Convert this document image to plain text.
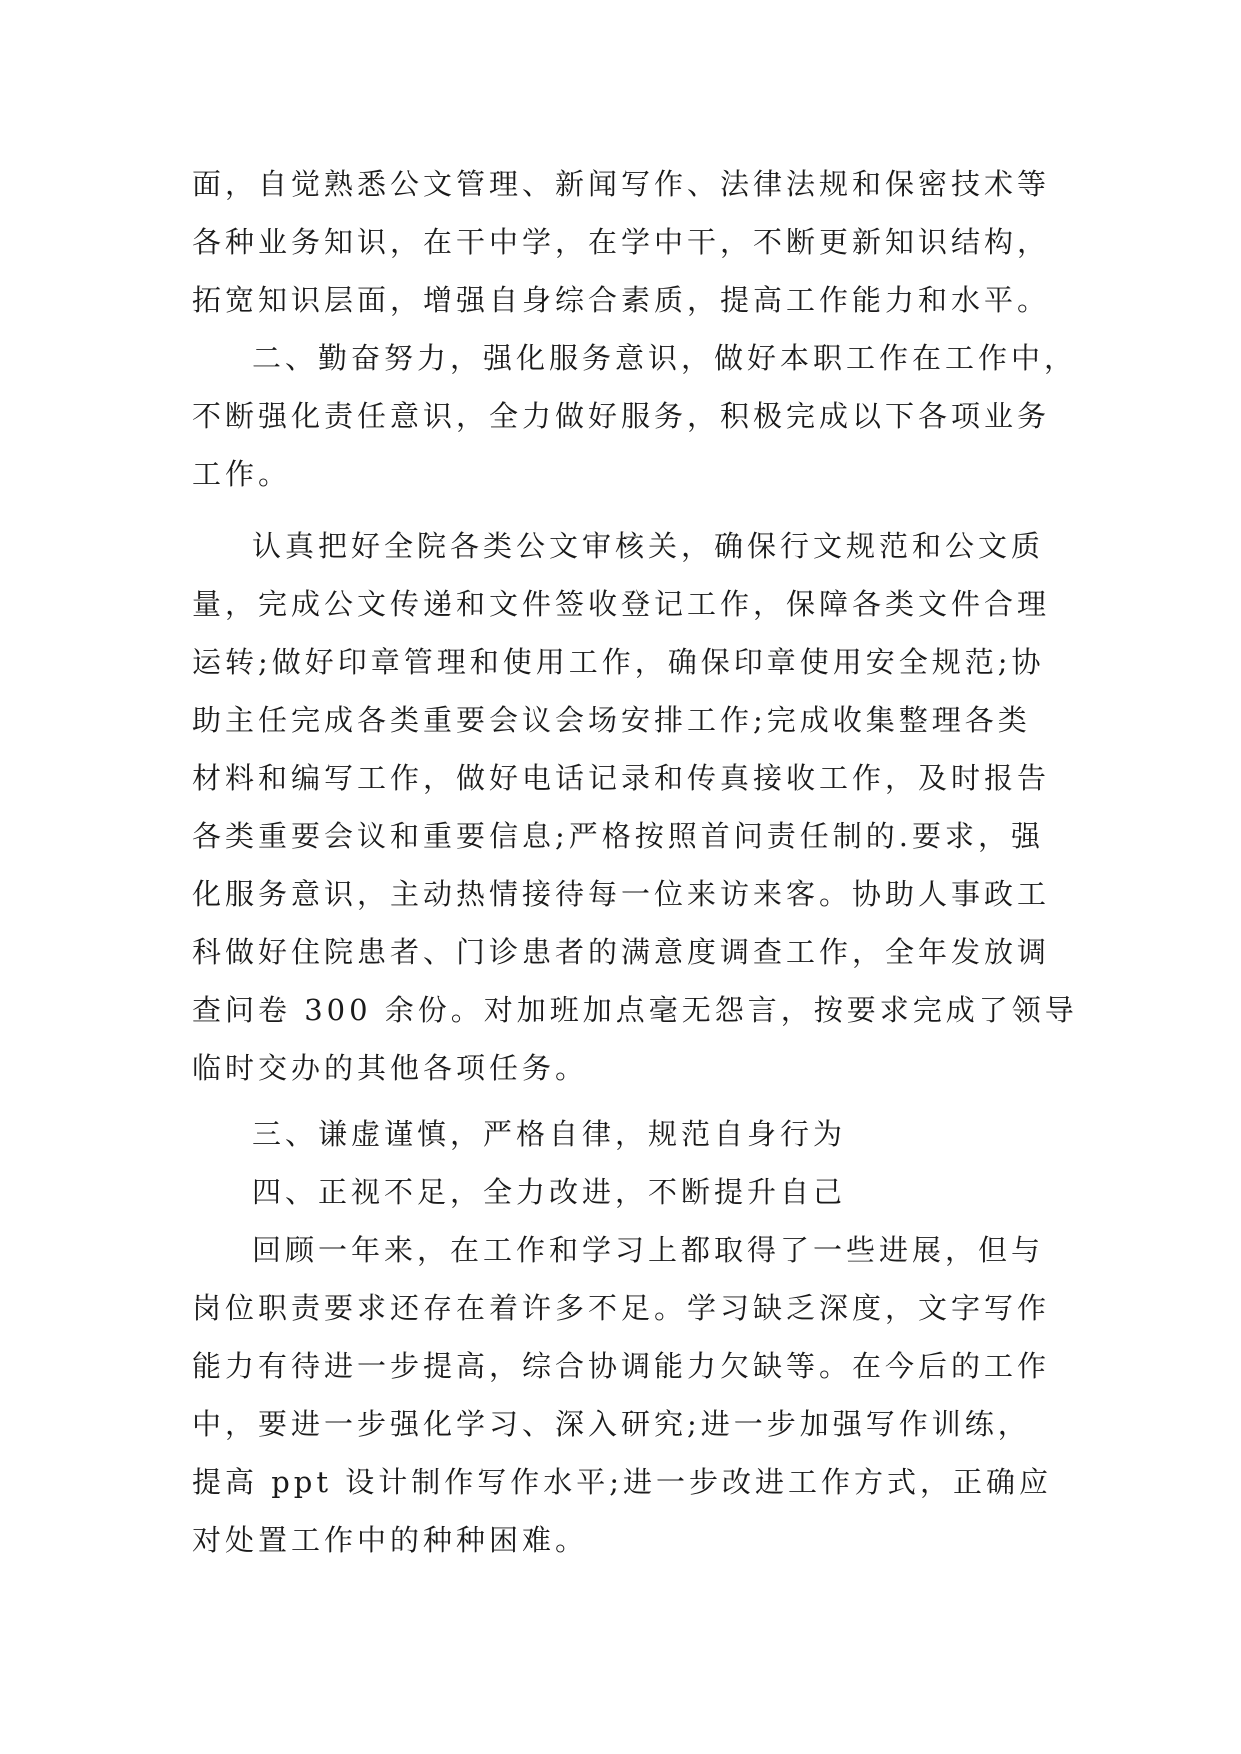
面，自觉熟悉公文管理、新闻写作、法律法规和保密技术等
各种业务知识，在干中学，在学中干，不断更新知识结构，
拓宽知识层面，增强自身综合素质，提高工作能力和水平。
二、勤奋努力，强化服务意识，做好本职工作在工作中，
不断强化责任意识，全力做好服务，积极完成以下各项业务
工作。
认真把好全院各类公文审核关，确保行文规范和公文质
量，完成公文传递和文件签收登记工作，保障各类文件合理
运转;做好印章管理和使用工作，确保印章使用安全规范;协
助主任完成各类重要会议会场安排工作;完成收集整理各类
材料和编写工作，做好电话记录和传真接收工作，及时报告
各类重要会议和重要信息;严格按照首问责任制的.要求，强
化服务意识，主动热情接待每一位来访来客。协助人事政工
科做好住院患者、门诊患者的满意度调查工作，全年发放调
查问卷 300 余份。对加班加点毫无怨言，按要求完成了领导
临时交办的其他各项任务。
三、谦虚谨慎，严格自律，规范自身行为
四、正视不足，全力改进，不断提升自己
回顾一年来，在工作和学习上都取得了一些进展，但与
岗位职责要求还存在着许多不足。学习缺乏深度，文字写作
能力有待进一步提高，综合协调能力欠缺等。在今后的工作
中，要进一步强化学习、深入研究;进一步加强写作训练，
提高 ppt 设计制作写作水平;进一步改进工作方式，正确应
对处置工作中的种种困难。
